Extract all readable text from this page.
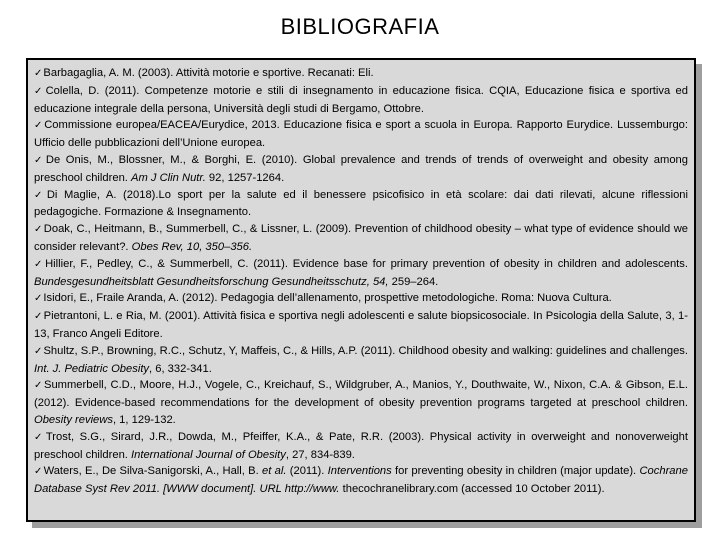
BIBLIOGRAFIA

✓Barbagaglia, A. M. (2003). Attività motorie e sportive. Recanati: Eli.

✓Colella, D. (2011). Competenze motorie e stili di insegnamento in educazione fisica. CQIA, Educazione fisica e sportiva ed educazione integrale della persona, Università degli studi di Bergamo, Ottobre.

✓Commissione europea/EACEA/Eurydice, 2013. Educazione fisica e sport a scuola in Europa. Rapporto Eurydice. Lussemburgo: Ufficio delle pubblicazioni dell’Unione europea.

✓De Onis, M., Blossner, M., & Borghi, E. (2010). Global prevalence and trends of trends of overweight and obesity among preschool children. Am J Clin Nutr. 92, 1257-1264.

✓Di Maglie, A. (2018).Lo sport per la salute ed il benessere psicofisico in età scolare: dai dati rilevati, alcune riflessioni pedagogiche. Formazione & Insegnamento.

✓Doak, C., Heitmann, B., Summerbell, C., & Lissner, L. (2009). Prevention of childhood obesity – what type of evidence should we consider relevant?. Obes Rev, 10, 350–356.

✓Hillier, F., Pedley, C., & Summerbell, C. (2011). Evidence base for primary prevention of obesity in children and adolescents. Bundesgesundheitsblatt Gesundheitsforschung Gesundheitsschutz, 54, 259–264.

✓Isidori, E., Fraile Aranda, A. (2012). Pedagogia dell’allenamento, prospettive metodologiche. Roma: Nuova Cultura.

✓Pietrantoni, L. e Ria, M. (2001). Attività fisica e sportiva negli adolescenti e salute biopsicosociale. In Psicologia della Salute, 3, 1-13, Franco Angeli Editore.

✓Shultz, S.P., Browning, R.C., Schutz, Y, Maffeis, C., & Hills, A.P. (2011). Childhood obesity and walking: guidelines and challenges. Int. J. Pediatric Obesity, 6, 332-341.

✓Summerbell, C.D., Moore, H.J., Vogele, C., Kreichauf, S., Wildgruber, A., Manios, Y., Douthwaite, W., Nixon, C.A. & Gibson, E.L. (2012). Evidence-based recommendations for the development of obesity prevention programs targeted at preschool children. Obesity reviews, 1, 129-132.

✓Trost, S.G., Sirard, J.R., Dowda, M., Pfeiffer, K.A., & Pate, R.R. (2003). Physical activity in overweight and nonoverweight preschool children. International Journal of Obesity, 27, 834-839.

✓Waters, E., De Silva-Sanigorski, A., Hall, B. et al. (2011). Interventions for preventing obesity in children (major update). Cochrane Database Syst Rev 2011. [WWW document]. URL http://www. thecochranelibrary.com (accessed 10 October 2011).
